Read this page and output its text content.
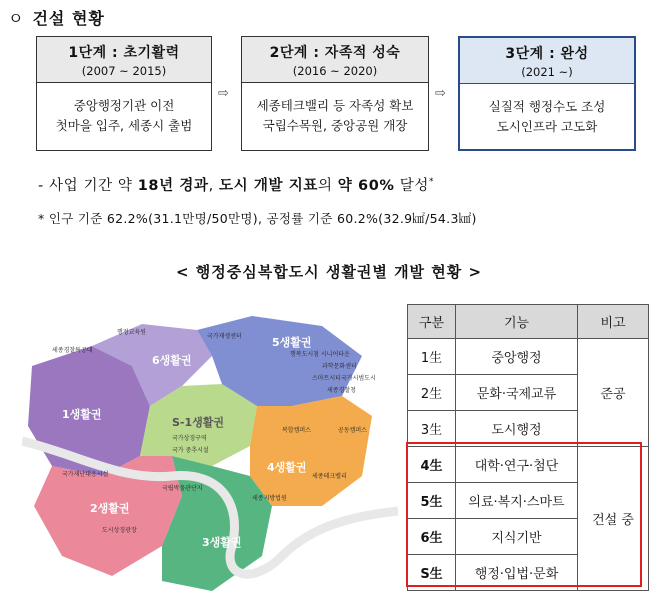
ㅇ 건설 현황
1단계 : 초기활력
(2007 ~ 2015)
중앙행정기관 이전
첫마을 입주, 세종시 출범
⇨
2단계 : 자족적 성숙
(2016 ~ 2020)
세종테크밸리 등 자족성 확보
국립수목원, 중앙공원 개장
⇨
3단계 : 완성
(2021 ~)
실질적 행정수도 조성
도시인프라 고도화
- 사업 기간 약 18년 경과, 도시 개발 지표의 약 60% 달성*
* 인구 기준 62.2%(31.1만명/50만명), 공정률 기준 60.2%(32.9㎢/54.3㎢)
< 행정중심복합도시 생활권별 개발 현황 >
1생활권
6생활권
S-1생활권
5생활권
4생활권
2생활권
3생활권
세종경찰특공대
행정교육원
국가재생센터
행복도시첨 시니어타운
과학문화센터
스마트시티국가시범도시
세종경찰청
국가상징구역
국가 중추시설
복합캠퍼스	공동캠퍼스
세종테크밸리
국가재난대응시설
국립박물관단지
도시상징광장
세종지방법원
구분	기능	비고
1生	중앙행정	준공
2生	문화·국제교류	
3生	도시행정	
4生	대학·연구·첨단	건설 중
5生	의료·복지·스마트	
6生	지식기반	
S生	행정·입법·문화	
